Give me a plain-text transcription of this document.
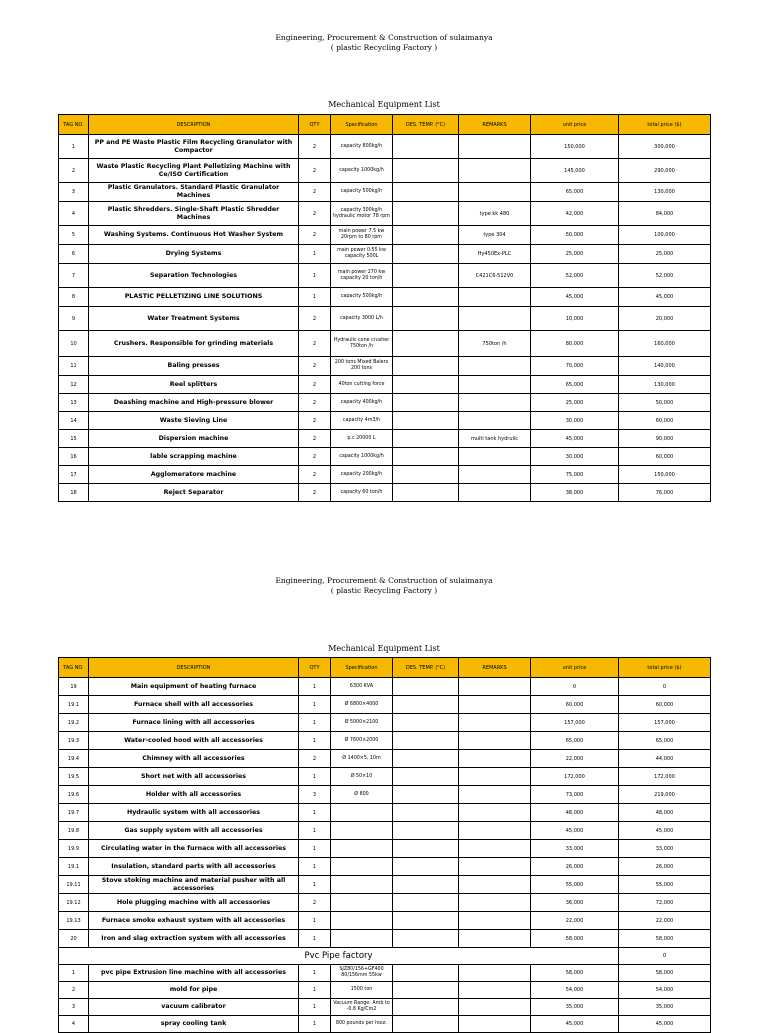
Engineering, Procurement & Construction of sulaimanya
( plastic Recycling Factory )
Mechanical Equipment List
TAG NO.	DESCRIPTION	QTY	Specification	DES. TEMP. (°C)	REMARKS	unit price	total price ($)
1	PP and PE Waste Plastic Film Recycling Granulator with Compactor	2	capacity 800kg/h			150,000	300,000
2	Waste Plastic Recycling Plant Pelletizing Machine with Ce/ISO Certification	2	capacity 1000kg/h			145,000	290,000
3	Plastic Granulators. Standard Plastic Granulator Machines	2	capacity 500kg/h			65,000	130,000
4	Plastic Shredders. Single-Shaft Plastic Shredder Machines	2	capacity 300kg/h hydraulic motor 78 rpm		type kk 480	42,000	84,000
5	Washing Systems. Continuous Hot Washer System	2	main power 7.5 kw 20rpm to 80 rpm		type 304	50,000	100,000
6	Drying Systems	1	main power 0.55 kw capacity 500L		Hy450Ex-PLC	25,000	25,000
7	Separation Technologies	1	main power 270 kw capacity 20 ton/h		C421C6-512V0	52,000	52,000
8	PLASTIC PELLETIZING LINE SOLUTIONS	1	capacity 500kg/h			45,000	45,000
9	Water Treatment Systems	2	capacity 3000 L/h			10,000	20,000
10	Crushers. Responsible for grinding materials	2	Hydraulic cone crusher 750ton /h		750ton /h	80,000	160,000
11	Baling presses	2	200 tons Mixed Balers 200 tons			70,000	140,000
12	Reel splitters	2	40ton cutting force			65,000	130,000
13	Deashing machine and High-pressure blower	2	capacity 400kg/h			25,000	50,000
14	Waste Sieving Line	2	capacity 4m3/h			30,000	60,000
15	Dispersion machine	2	p.c 20000 L		multi tank hydrulic	45,000	90,000
16	lable scrapping machine	2	capacity 1000kg/h			30,000	60,000
17	Agglomeratore machine	2	capacity 200kg/h			75,000	150,000
18	Reject Separator	2	capacity 60 ton/h			38,000	76,000
Engineering, Procurement & Construction of sulaimanya
( plastic Recycling Factory )
Mechanical Equipment List
TAG NO.	DESCRIPTION	QTY	Specification	DES. TEMP. (°C)	REMARKS	unit price	total price ($)
19	Main equipment of heating furnace	1	6300 KVA			0	0
19.1	Furnace shell with all accessories	1	Ø 6800×4000			60,000	60,000
19.2	Furnace lining with all accessories	1	Ø 5000×2100			157,000	157,000
19.3	Water-cooled hood with all accessories	1	Ø 7600×2000			65,000	65,000
19.4	Chimney with all accessories	2	Ø 1400×5, 10m			22,000	44,000
19.5	Short net with all accessories	1	Ø 50×10			172,000	172,000
19.6	Holder with all accessories	3	Ø 800			73,000	219,000
19.7	Hydraulic system with all accessories	1				48,000	48,000
19.8	Gas supply system with all accessories	1				45,000	45,000
19.9	Circulating water in the furnace with all accessories	1				33,000	33,000
19.1	Insulation, standard parts with all accessories	1				26,000	26,000
19.11	Stove stoking machine and material pusher with all accessories	1				55,000	55,000
19.12	Hole plugging machine with all accessories	2				36,000	72,000
19.13	Furnace smoke exhaust system with all accessories	1				22,000	22,000
20	Iron and slag extraction system with all accessories	1				58,000	58,000
Pvc Pipe factory							0
1	pvc pipe Extrusion line machine with all accessories	1	SJZ80/156+GF400 80/156mm 55kw			58,000	58,000
2	mold for pipe	1	1500 ton			54,000	54,000
3	vacuum calibrator	1	Vacuum Range: Amb to -0.8 Kg/Cm2			35,000	35,000
4	spray cooling tank	1	800 pounds per hour.			45,000	45,000
